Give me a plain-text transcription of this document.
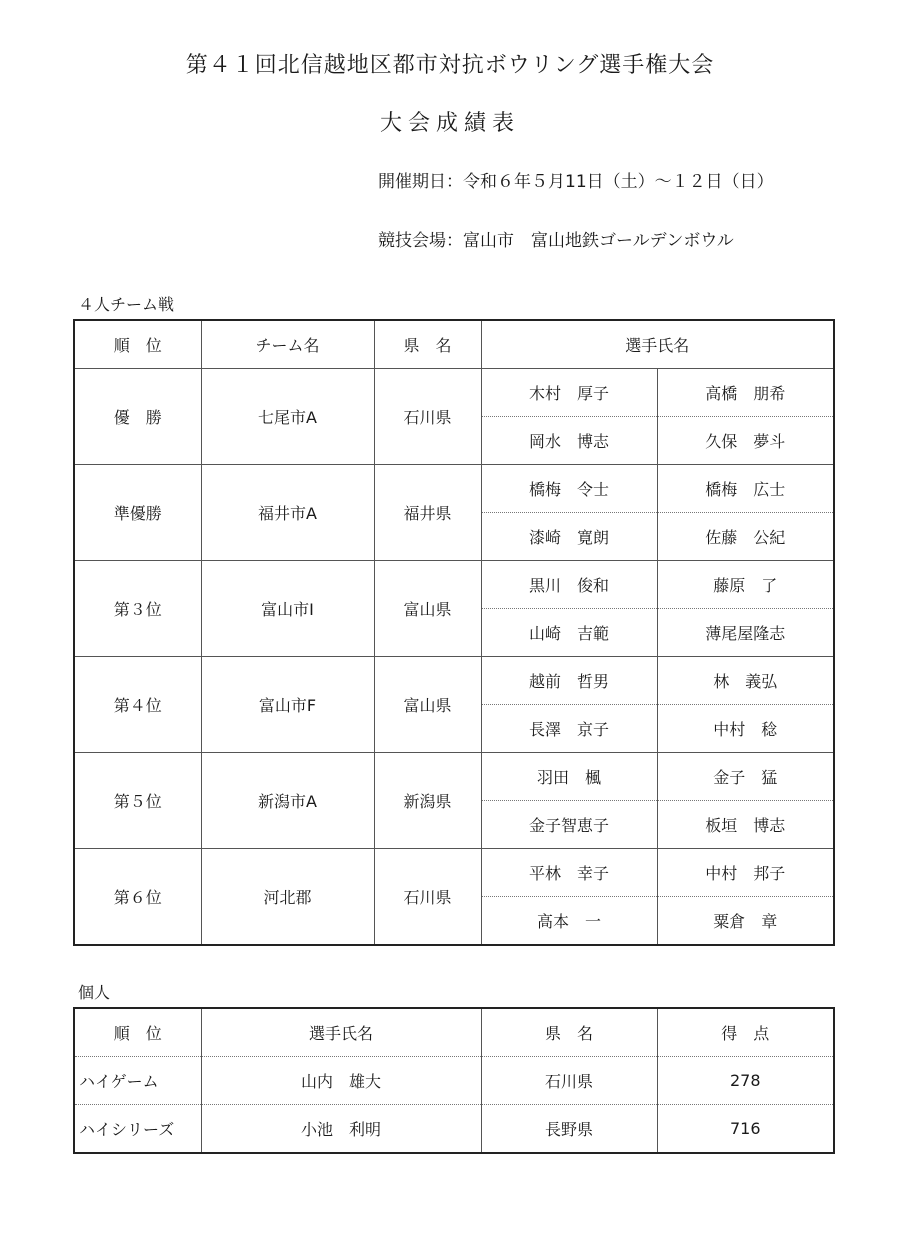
第４１回北信越地区都市対抗ボウリング選手権大会
大会成績表
開催期日：令和６年５月11日（土）～１２日（日）
競技会場：富山市　富山地鉄ゴールデンボウル
４人チーム戦
順　位	チーム名	県　名	選手氏名	
優　勝	七尾市A	石川県	木村　厚子	高橋　朋希
			岡水　博志	久保　夢斗
準優勝	福井市A	福井県	橋梅　令士	橋梅　広士
			漆崎　寛朗	佐藤　公紀
第３位	富山市I	富山県	黒川　俊和	藤原　了
			山崎　吉範	薄尾屋隆志
第４位	富山市F	富山県	越前　哲男	林　義弘
			長澤　京子	中村　稔
第５位	新潟市A	新潟県	羽田　楓	金子　猛
			金子智恵子	板垣　博志
第６位	河北郡	石川県	平林　幸子	中村　邦子
			高本　一	粟倉　章
個人
順　位	選手氏名	県　名	得　点
ハイゲーム	山内　雄大	石川県	278
ハイシリーズ	小池　利明	長野県	716
